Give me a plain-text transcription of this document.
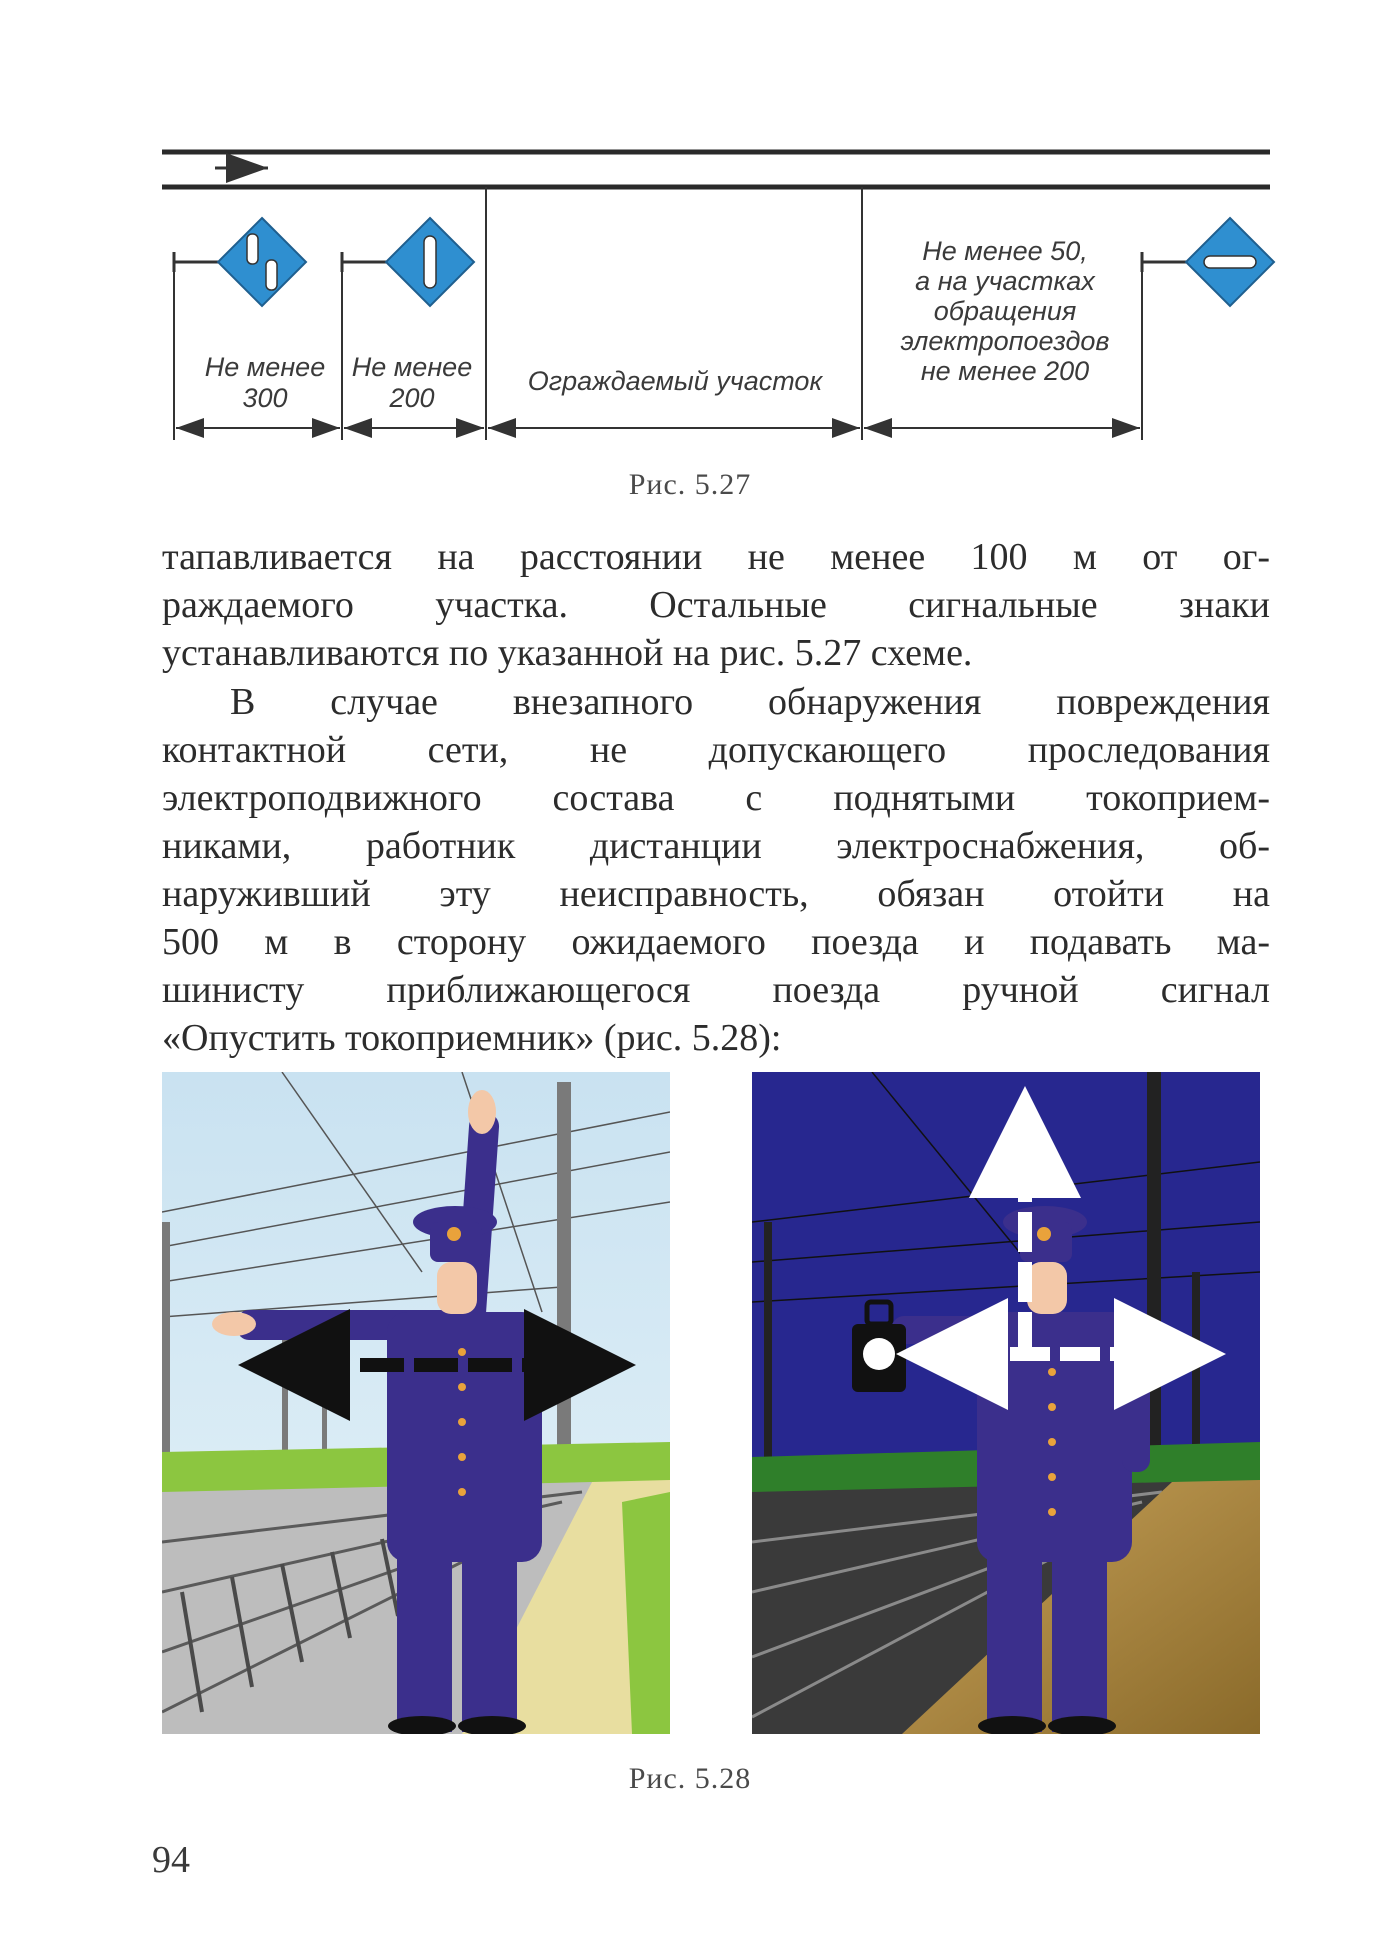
Не менее
300
Не менее
200
Ограждаемый участок
Не менее 50,
а на участках
обращения
электропоездов
не менее 200
Рис. 5.27
тапавливается на расстоянии не менее 100 м от ог-
раждаемого участка. Остальные сигнальные знаки
устанавливаются по указанной на рис. 5.27 схеме.
В случае внезапного обнаружения повреждения
контактной сети, не допускающего проследования
электроподвижного состава с поднятыми токоприем-
никами, работник дистанции электроснабжения, об-
наруживший эту неисправность, обязан отойти на
500 м в сторону ожидаемого поезда и подавать ма-
шинисту приближающегося поезда ручной сигнал
«Опустить токоприемник» (рис. 5.28):
Рис. 5.28
94
